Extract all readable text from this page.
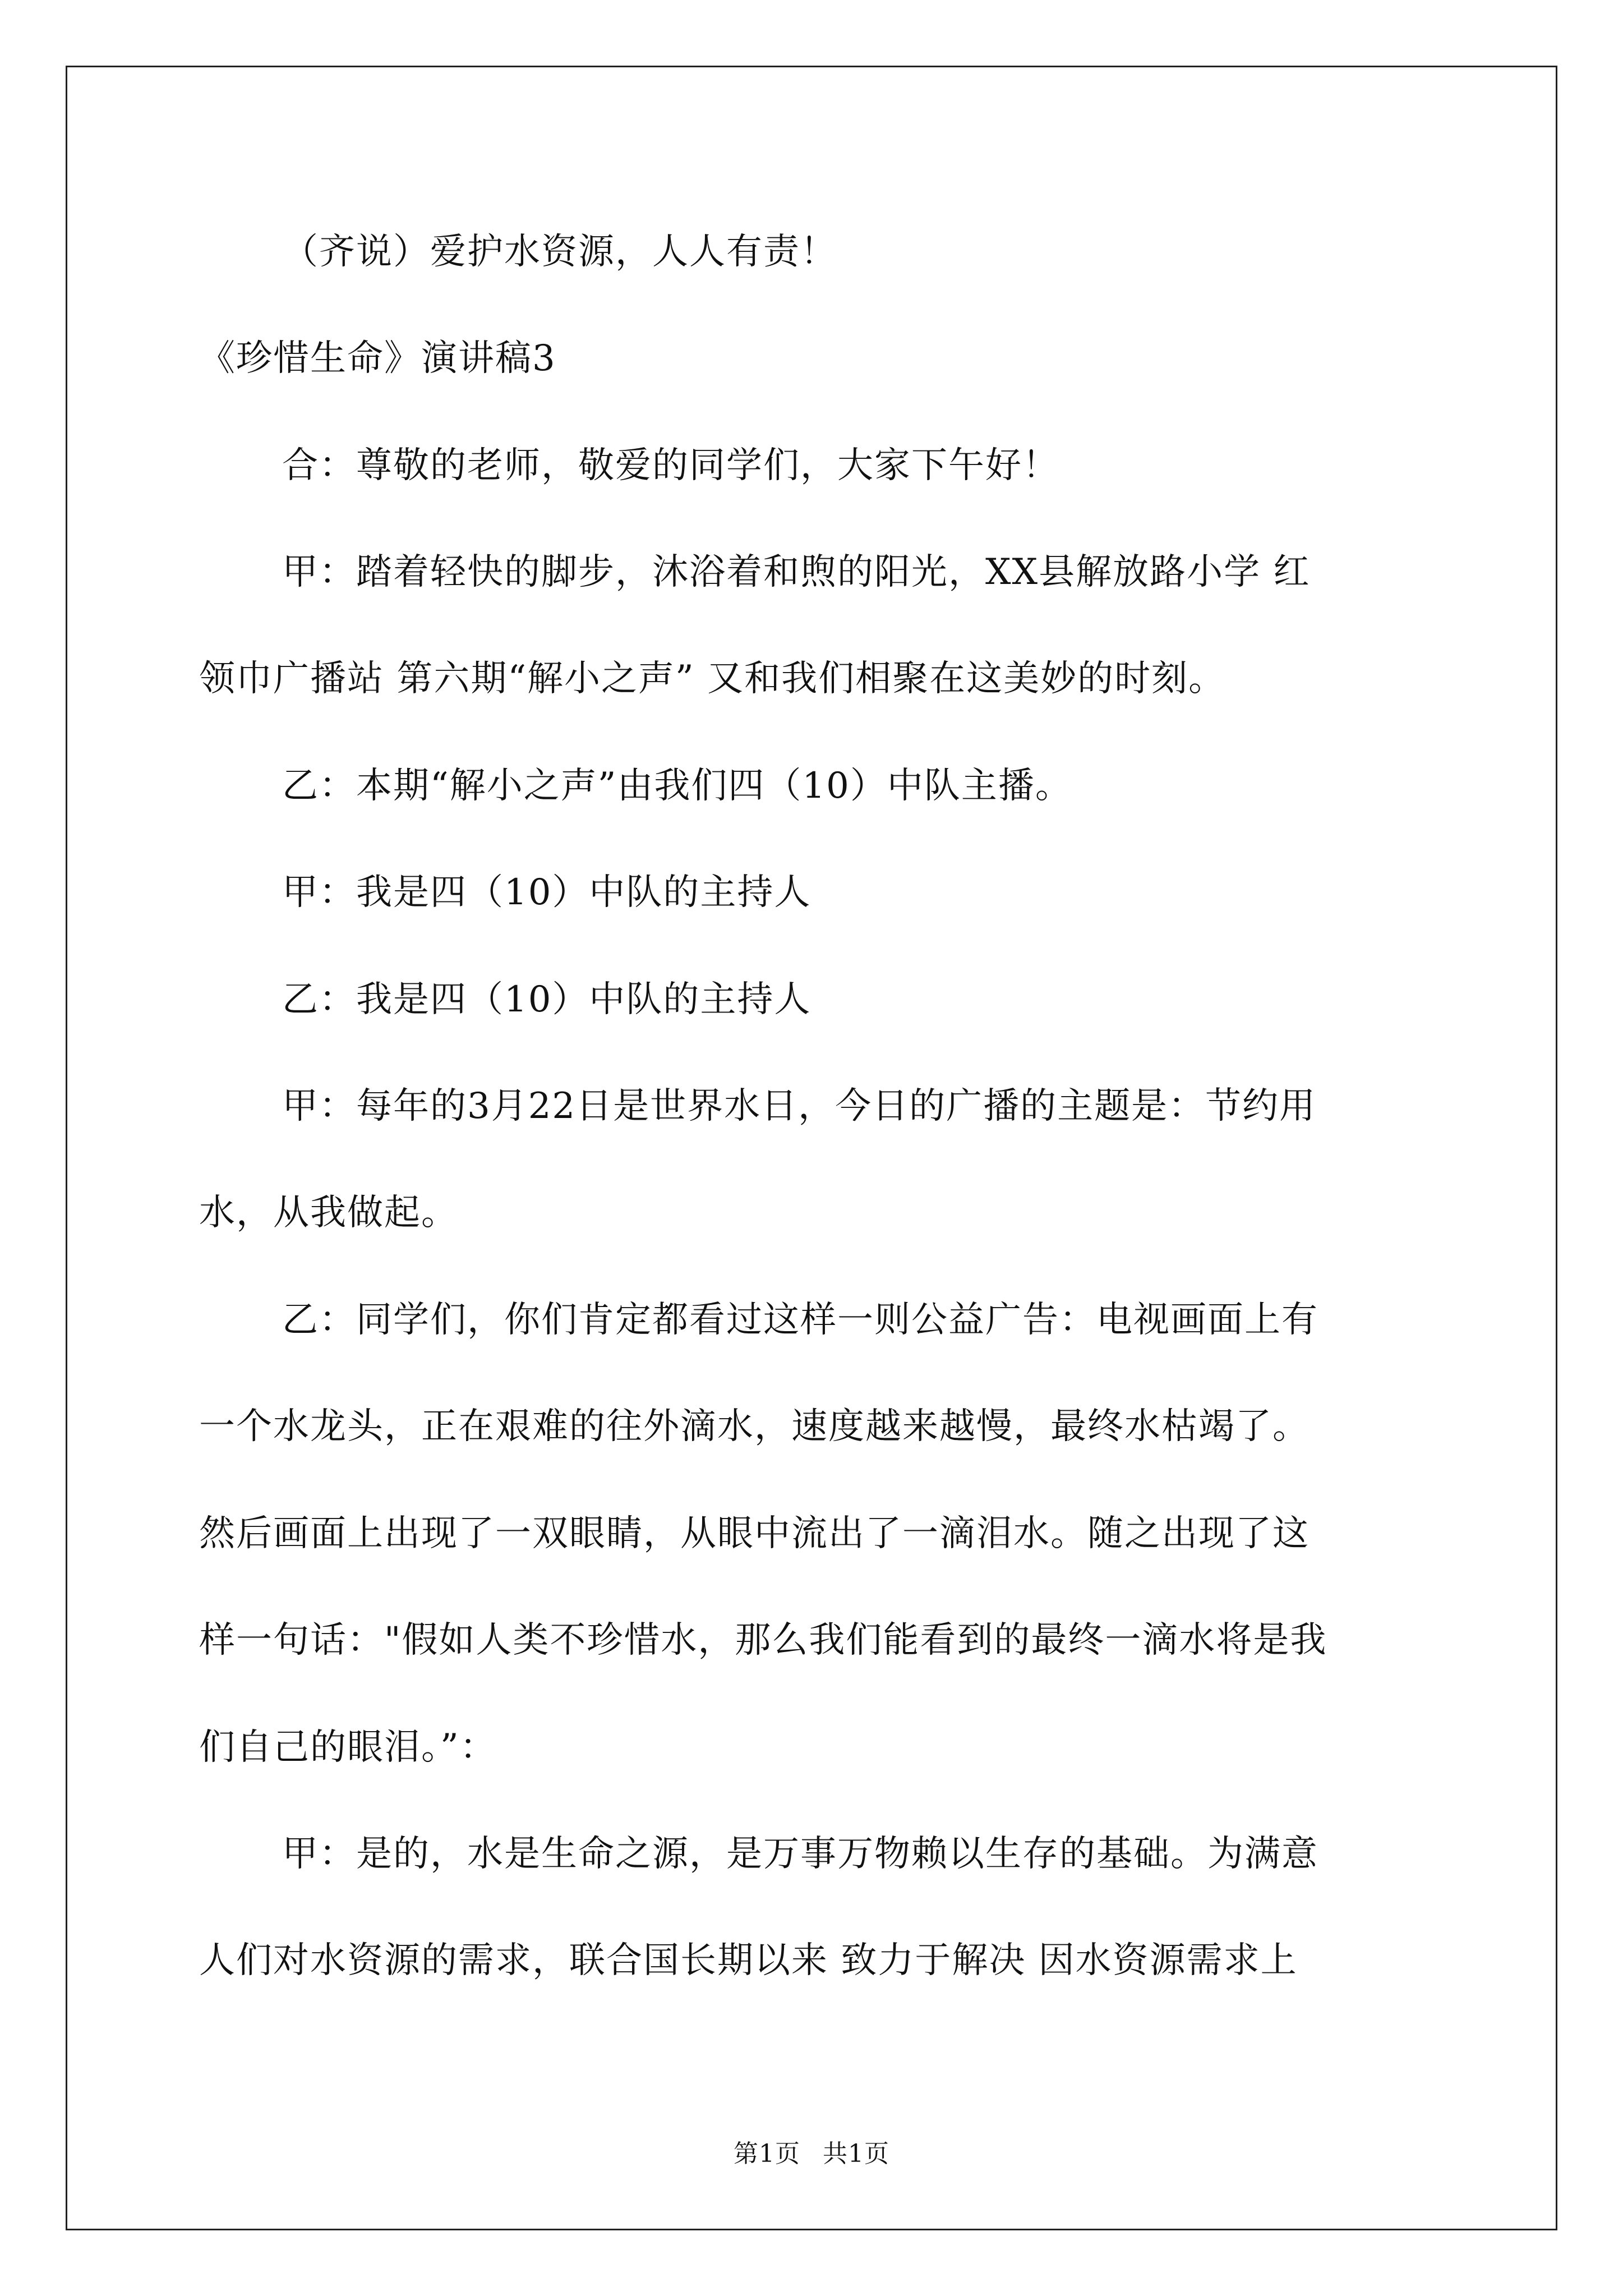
（齐说）爱护水资源，人人有责！
《珍惜生命》演讲稿3
合：尊敬的老师，敬爱的同学们，大家下午好！
甲：踏着轻快的脚步，沐浴着和煦的阳光，XX县解放路小学 红
领巾广播站 第六期“解小之声” 又和我们相聚在这美妙的时刻。
乙：本期“解小之声”由我们四（10）中队主播。
甲：我是四（10）中队的主持人
乙：我是四（10）中队的主持人
甲：每年的3月22日是世界水日，今日的广播的主题是：节约用
水，从我做起。
乙：同学们，你们肯定都看过这样一则公益广告：电视画面上有
一个水龙头，正在艰难的往外滴水，速度越来越慢，最终水枯竭了。
然后画面上出现了一双眼睛，从眼中流出了一滴泪水。随之出现了这
样一句话："假如人类不珍惜水，那么我们能看到的最终一滴水将是我
们自己的眼泪。”：
甲：是的，水是生命之源，是万事万物赖以生存的基础。为满意
人们对水资源的需求，联合国长期以来 致力于解决 因水资源需求上
第1页 共1页
